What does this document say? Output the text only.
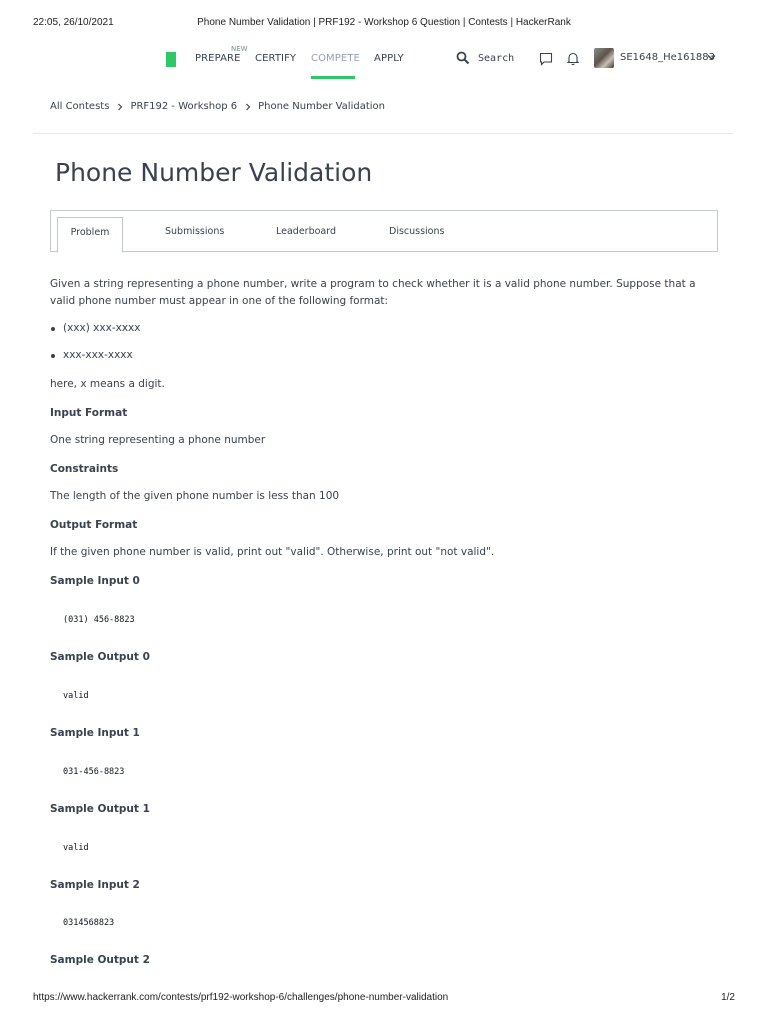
22:05, 26/10/2021	Phone Number Validation | PRF192 - Workshop 6 Question | Contests | HackerRank
NEW
PREPARE CERTIFY COMPETE APPLY	Search	SE1648_He161883
All Contests PRF192 - Workshop 6 Phone Number Validation
Phone Number Validation
Problem	Submissions	Leaderboard	Discussions

Given a string representing a phone number, write a program to check whether it is a valid phone number. Suppose that a valid phone number must appear in one of the following format:

(xxx) xxx-xxxx

xxx-xxx-xxxx

here, x means a digit.

Input Format

One string representing a phone number

Constraints

The length of the given phone number is less than 100

Output Format

If the given phone number is valid, print out "valid". Otherwise, print out "not valid".

Sample Input 0

(031) 456-8823

Sample Output 0

valid

Sample Input 1

031-456-8823

Sample Output 1

valid

Sample Input 2

0314568823

Sample Output 2

https://www.hackerrank.com/contests/prf192-workshop-6/challenges/phone-number-validation	1/2
